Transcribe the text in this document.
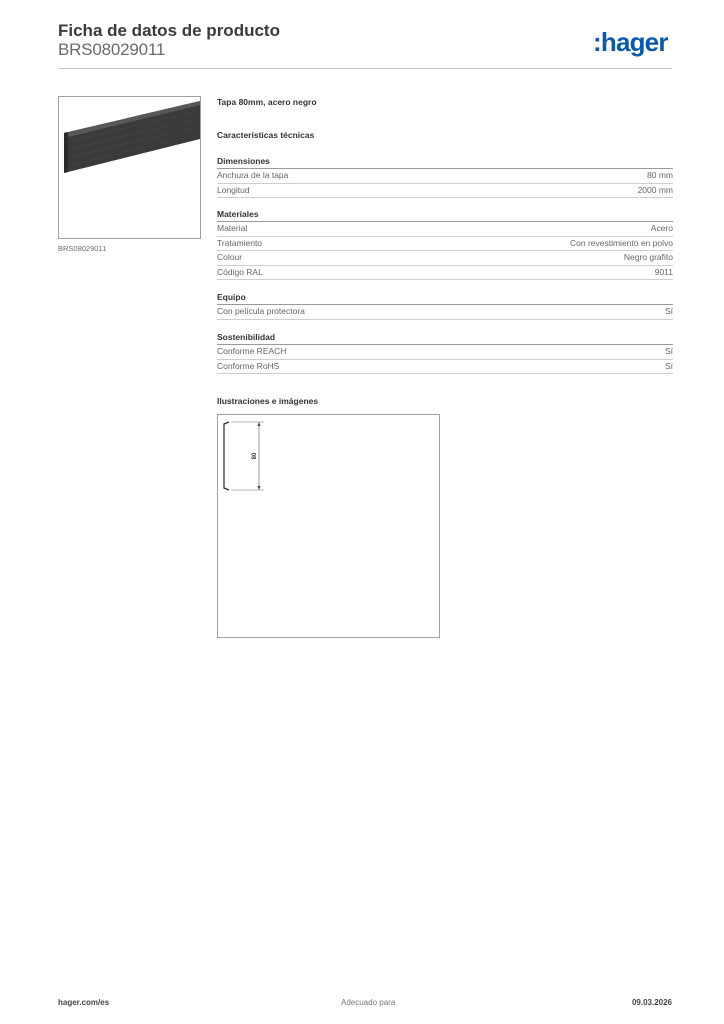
Ficha de datos de producto
BRS08029011	:hager
BRS08029011
Tapa 80mm, acero negro
Características técnicas
Dimensiones
Anchura de la tapa	80 mm
Longitud	2000 mm
Materiales
Material	Acero
Tratamiento	Con revestimiento en polvo
Colour	Negro grafito
Código RAL	9011
Equipo
Con película protectora	Sí
Sostenibilidad
Conforme REACH	Sí
Conforme RoHS	Sí
Ilustraciones e imágenes
80
hager.com/es	Adecuado para	09.03.2026
